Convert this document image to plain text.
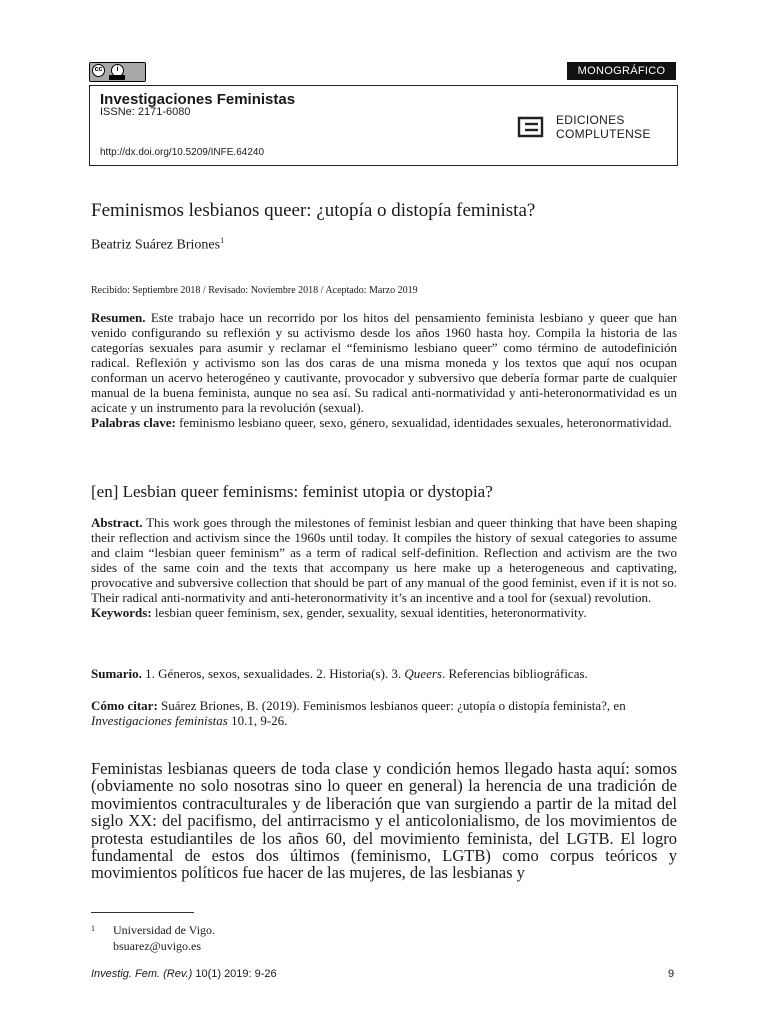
cc	i	MONOGRÁFICO
Investigaciones Feministas
ISSNe: 2171-6080
http://dx.doi.org/10.5209/INFE.64240
EDICIONES
COMPLUTENSE
Feminismos lesbianos queer: ¿utopía o distopía feminista?
Beatriz Suárez Briones$^1$
Recibido: Septiembre 2018 / Revisado: Noviembre 2018 / Aceptado: Marzo 2019
Resumen. Este trabajo hace un recorrido por los hitos del pensamiento feminista lesbiano y queer que han venido configurando su reflexión y su activismo desde los años 1960 hasta hoy. Compila la historia de las categorías sexuales para asumir y reclamar el “feminismo lesbiano queer” como término de autodefinición radical. Reflexión y activismo son las dos caras de una misma moneda y los textos que aquí nos ocupan conforman un acervo heterogéneo y cautivante, provocador y subversivo que debería formar parte de cualquier manual de la buena feminista, aunque no sea así. Su radical anti-normatividad y anti-heteronormatividad es un acicate y un instrumento para la revolución (sexual).
Palabras clave: feminismo lesbiano queer, sexo, género, sexualidad, identidades sexuales, heteronormatividad.
[en] Lesbian queer feminisms: feminist utopia or dystopia?
Abstract. This work goes through the milestones of feminist lesbian and queer thinking that have been shaping their reflection and activism since the 1960s until today. It compiles the history of sexual categories to assume and claim “lesbian queer feminism” as a term of radical self-definition. Reflection and activism are the two sides of the same coin and the texts that accompany us here make up a heterogeneous and captivating, provocative and subversive collection that should be part of any manual of the good feminist, even if it is not so. Their radical anti-normativity and anti-heteronormativity it’s an incentive and a tool for (sexual) revolution.
Keywords: lesbian queer feminism, sex, gender, sexuality, sexual identities, heteronormativity.
Sumario. 1. Géneros, sexos, sexualidades. 2. Historia(s). 3. Queers. Referencias bibliográficas.
Cómo citar: Suárez Briones, B. (2019). Feminismos lesbianos queer: ¿utopía o distopía feminista?, en
Investigaciones feministas 10.1, 9-26.
Feministas lesbianas queers de toda clase y condición hemos llegado hasta aquí: somos (obviamente no solo nosotras sino lo queer en general) la herencia de una tradición de movimientos contraculturales y de liberación que van surgiendo a partir de la mitad del siglo XX: del pacifismo, del antirracismo y el anticolonialismo, de los movimientos de protesta estudiantiles de los años 60, del movimiento feminista, del LGTB. El logro fundamental de estos dos últimos (feminismo, LGTB) como corpus teóricos y movimientos políticos fue hacer de las mujeres, de las lesbianas y
1 Universidad de Vigo.
bsuarez@uvigo.es
Investig. Fem. (Rev.) 10(1) 2019: 9-26	9
